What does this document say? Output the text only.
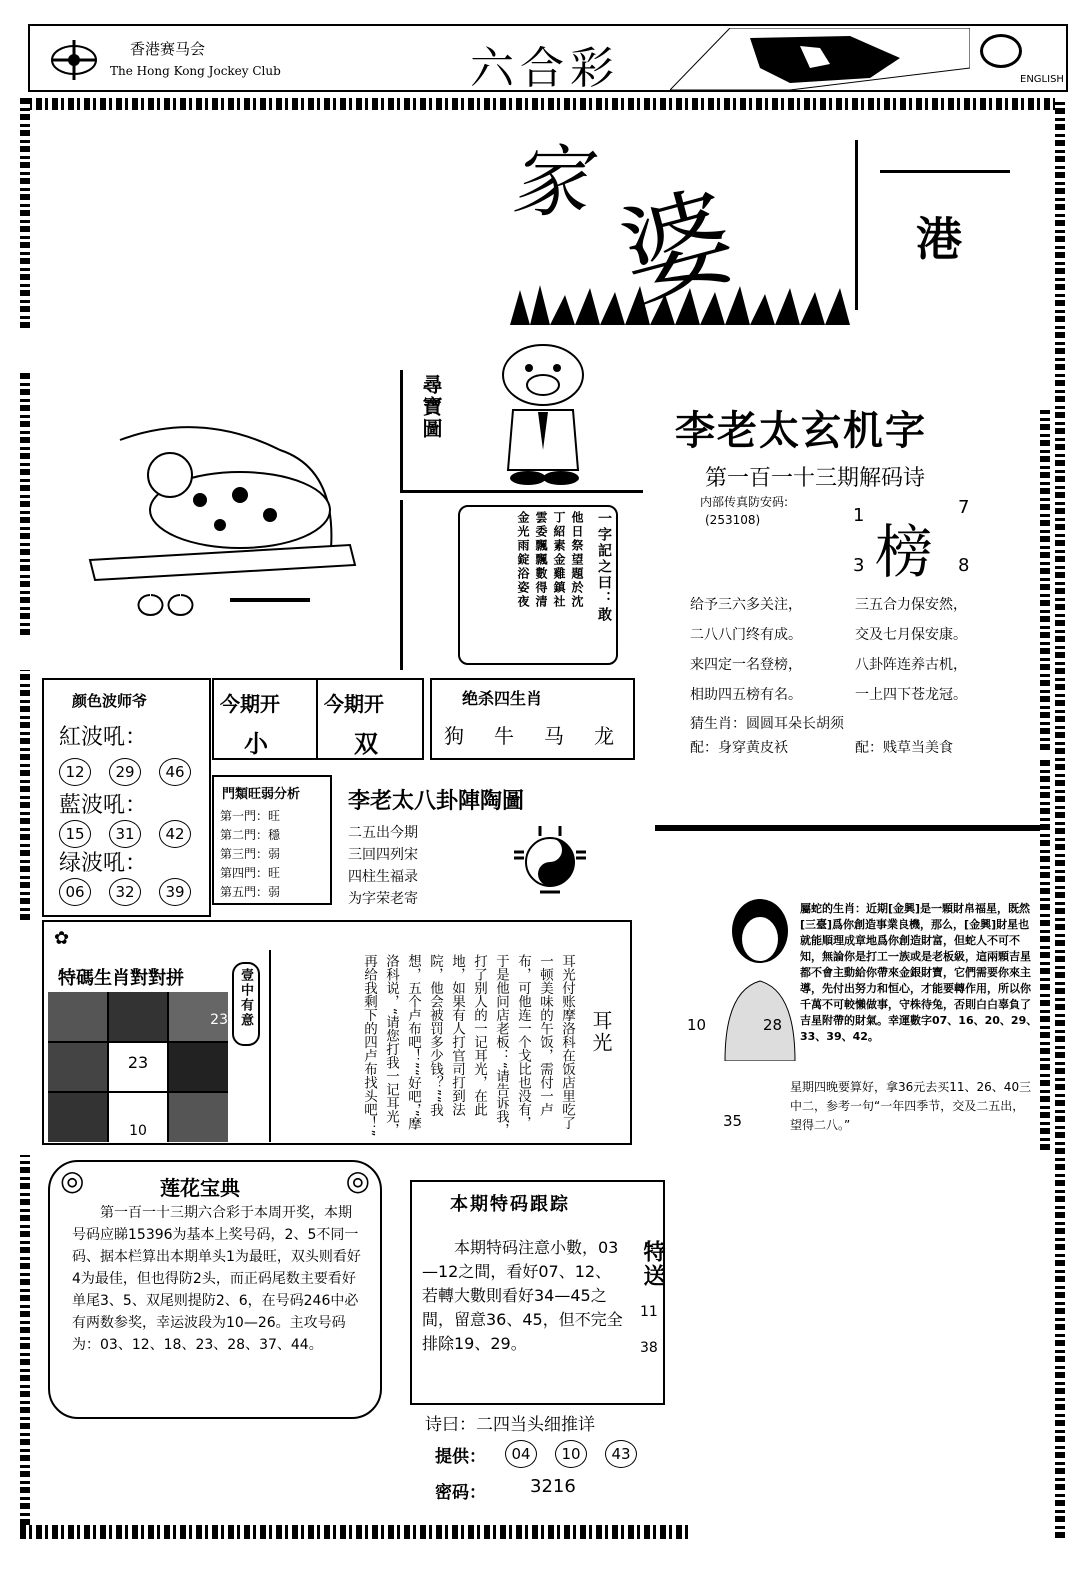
香港赛马会
The Hong Kong Jockey Club	六合彩	ENGLISH
家 婆	港
尋寶圖
他日祭望題於沈
丁紹素金雞鎮社
雲委飄飄數得清
金光雨錠浴姿夜	一字記之曰：敢
李老太玄机字
第一百一十三期解码诗
内部传真防安码:
(253108) 榜
1	7
3	8
给予三六多关注，
二八八门终有成。
来四定一名登榜，
相助四五榜有名。
三五合力保安然，
交及七月保安康。
八卦阵连养古机，
一上四下苍龙冠。
猜生肖：圆圆耳朵长胡须
配：身穿黄皮袄	配：贱草当美食
颜色波师爷
紅波吼：
12 29 46
藍波吼：
15 31 42
绿波吼：
06 32 39
今期开 今期开
小	双
绝杀四生肖
狗 牛 马 龙
門類旺弱分析
第一門：旺
第二門：穩
第三門：弱
第四門：旺
第五門：弱
李老太八卦陣陶圖
二五出今期
三回四列宋
四柱生福录
为字荣老寄
✿
特碼生肖對對拼	壹中有意
23
23
10
耳光付账摩洛科在饭店里吃了一顿美味的午饭，需付一卢布，可他连一个戈比也没有，于是他问店老板：“请告诉我，打了别人的一记耳光，在此地，如果有人打官司打到法院，他会被罚多少钱？”“我想，五个卢布吧！”“好吧，”摩洛科说，“请您打我一记耳光，再给我剩下的四卢布找头吧！”
耳光	10	28
屬蛇的生肖：近期[金興]是一顆財帛福星，既然[三臺]爲你創造事業良機，那么，[金興]財星也就能順理成章地爲你創造財富，但蛇人不可不知，無論你是打工一族或是老板級，這兩顆吉星都不會主動給你帶來金銀財寶，它們需要你來主導，先付出努力和恒心，才能要轉作用，所以你千萬不可較懶做事，守株待兔，否則白白辜負了吉星附帶的財氣。幸運數字07、16、20、29、33、39、42。
35
星期四晚要算好，拿36元去买11、26、40三中二，参考一句“一年四季节，交及二五出，望得二八。”
◎	◎
莲花宝典
第一百一十三期六合彩于本周开奖，本期号码应睇15396为基本上奖号码，2、5不同一码、据本栏算出本期单头1为最旺，双头则看好4为最佳，但也得防2头，而正码尾数主要看好单尾3、5、双尾则提防2、6，在号码246中必有两数参奖，幸运波段为10—26。主攻号码为：03、12、18、23、28、37、44。
本期特码跟踪
本期特码注意小數，03—12之間，看好07、12、若轉大數則看好34—45之間，留意36、45，但不完全排除19、29。
特送
11
38
诗曰：二四当头细推详
提供：	04 10 43
密码： 3216
